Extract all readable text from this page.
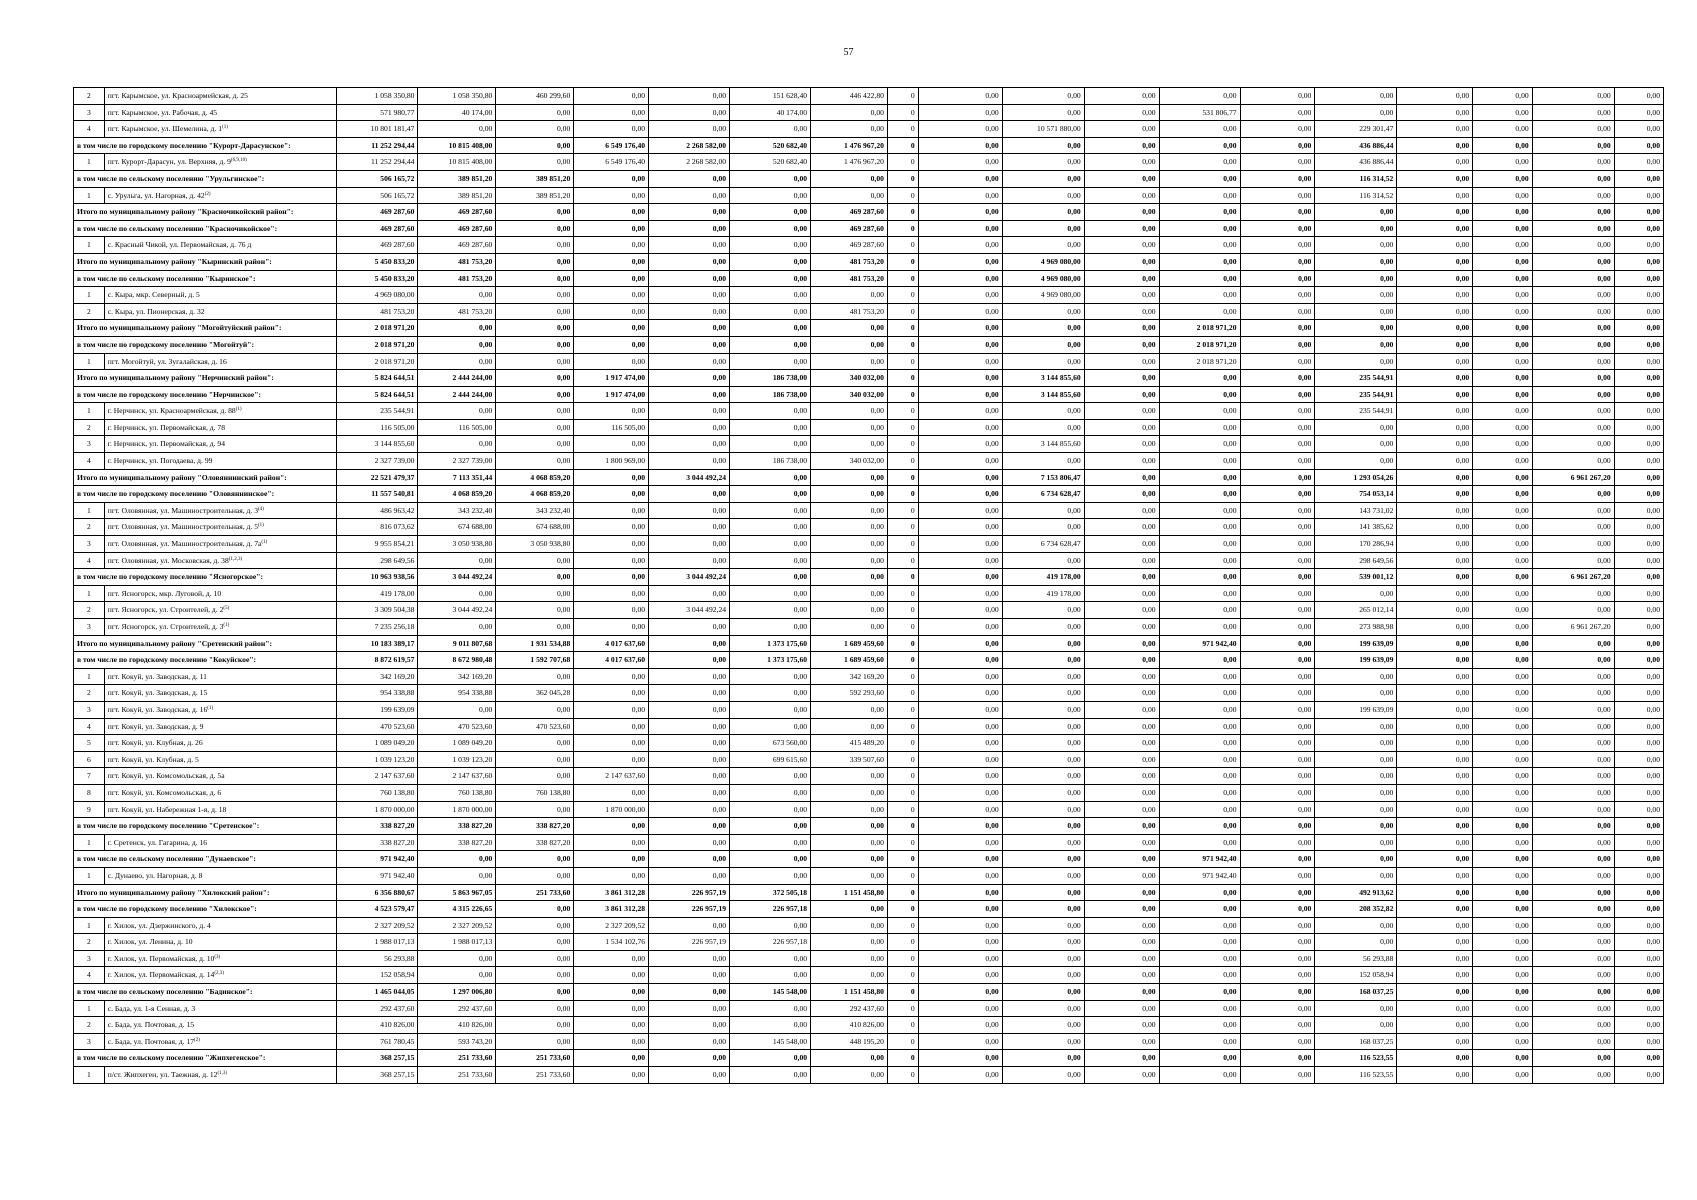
57
2	пгт. Карымское, ул. Красноармейская, д. 25	1 058 350,80	1 058 350,80	460 299,60	0,00	0,00	151 628,40	446 422,80	0	0,00	0,00	0,00	0,00	0,00	0,00	0,00	0,00	0,00	0,00
3	пгт. Карымское, ул. Рабочая, д. 45	571 980,77	40 174,00	0,00	0,00	0,00	40 174,00	0,00	0	0,00	0,00	0,00	531 806,77	0,00	0,00	0,00	0,00	0,00	0,00
4	пгт. Карымское, ул. Шемелина, д. 1$^{(1)}$	10 801 181,47	0,00	0,00	0,00	0,00	0,00	0,00	0	0,00	10 571 880,00	0,00	0,00	0,00	229 301,47	0,00	0,00	0,00	0,00
в том числе по городскому поселению "Курорт-Дарасунское":		11 252 294,44	10 815 408,00	0,00	6 549 176,40	2 268 582,00	520 682,40	1 476 967,20	0	0,00	0,00	0,00	0,00	0,00	436 886,44	0,00	0,00	0,00	0,00
1	пгт. Курорт-Дарасун, ул. Верхняя, д. 9$^{(6,9,10)}$	11 252 294,44	10 815 408,00	0,00	6 549 176,40	2 268 582,00	520 682,40	1 476 967,20	0	0,00	0,00	0,00	0,00	0,00	436 886,44	0,00	0,00	0,00	0,00
в том числе по сельскому поселению "Урульгинское":		506 165,72	389 851,20	389 851,20	0,00	0,00	0,00	0,00	0	0,00	0,00	0,00	0,00	0,00	116 314,52	0,00	0,00	0,00	0,00
1	с. Урульга, ул. Нагорная, д. 42$^{(2)}$	506 165,72	389 851,20	389 851,20	0,00	0,00	0,00	0,00	0	0,00	0,00	0,00	0,00	0,00	116 314,52	0,00	0,00	0,00	0,00
Итого по муниципальному району "Красночикойский район":		469 287,60	469 287,60	0,00	0,00	0,00	0,00	469 287,60	0	0,00	0,00	0,00	0,00	0,00	0,00	0,00	0,00	0,00	0,00
в том числе по сельскому поселению "Красночикойское":		469 287,60	469 287,60	0,00	0,00	0,00	0,00	469 287,60	0	0,00	0,00	0,00	0,00	0,00	0,00	0,00	0,00	0,00	0,00
1	с. Красный Чикой, ул. Первомайская, д. 76 д	469 287,60	469 287,60	0,00	0,00	0,00	0,00	469 287,60	0	0,00	0,00	0,00	0,00	0,00	0,00	0,00	0,00	0,00	0,00
Итого по муниципальному району "Кыринский район":		5 450 833,20	481 753,20	0,00	0,00	0,00	0,00	481 753,20	0	0,00	4 969 080,00	0,00	0,00	0,00	0,00	0,00	0,00	0,00	0,00
в том числе по сельскому поселению "Кыринское":		5 450 833,20	481 753,20	0,00	0,00	0,00	0,00	481 753,20	0	0,00	4 969 080,00	0,00	0,00	0,00	0,00	0,00	0,00	0,00	0,00
1	с. Кыра, мкр. Северный, д. 5	4 969 080,00	0,00	0,00	0,00	0,00	0,00	0,00	0	0,00	4 969 080,00	0,00	0,00	0,00	0,00	0,00	0,00	0,00	0,00
2	с. Кыра, ул. Пионерская, д. 32	481 753,20	481 753,20	0,00	0,00	0,00	0,00	481 753,20	0	0,00	0,00	0,00	0,00	0,00	0,00	0,00	0,00	0,00	0,00
Итого по муниципальному району "Могойтуйский район":		2 018 971,20	0,00	0,00	0,00	0,00	0,00	0,00	0	0,00	0,00	0,00	2 018 971,20	0,00	0,00	0,00	0,00	0,00	0,00
в том числе по городскому поселению "Могойтуй":		2 018 971,20	0,00	0,00	0,00	0,00	0,00	0,00	0	0,00	0,00	0,00	2 018 971,20	0,00	0,00	0,00	0,00	0,00	0,00
1	пгт. Могойтуй, ул. Зугалайская, д. 16	2 018 971,20	0,00	0,00	0,00	0,00	0,00	0,00	0	0,00	0,00	0,00	2 018 971,20	0,00	0,00	0,00	0,00	0,00	0,00
Итого по муниципальному району "Нерчинский район":		5 824 644,51	2 444 244,00	0,00	1 917 474,00	0,00	186 738,00	340 032,00	0	0,00	3 144 855,60	0,00	0,00	0,00	235 544,91	0,00	0,00	0,00	0,00
в том числе по городскому поселению "Нерчинское":		5 824 644,51	2 444 244,00	0,00	1 917 474,00	0,00	186 738,00	340 032,00	0	0,00	3 144 855,60	0,00	0,00	0,00	235 544,91	0,00	0,00	0,00	0,00
1	г. Нерчинск, ул. Красноармейская, д. 88$^{(1)}$	235 544,91	0,00	0,00	0,00	0,00	0,00	0,00	0	0,00	0,00	0,00	0,00	0,00	235 544,91	0,00	0,00	0,00	0,00
2	г. Нерчинск, ул. Первомайская, д. 78	116 505,00	116 505,00	0,00	116 505,00	0,00	0,00	0,00	0	0,00	0,00	0,00	0,00	0,00	0,00	0,00	0,00	0,00	0,00
3	г. Нерчинск, ул. Первомайская, д. 94	3 144 855,60	0,00	0,00	0,00	0,00	0,00	0,00	0	0,00	3 144 855,60	0,00	0,00	0,00	0,00	0,00	0,00	0,00	0,00
4	г. Нерчинск, ул. Погодаева, д. 99	2 327 739,00	2 327 739,00	0,00	1 800 969,00	0,00	186 738,00	340 032,00	0	0,00	0,00	0,00	0,00	0,00	0,00	0,00	0,00	0,00	0,00
Итого по муниципальному району "Оловяннинский район":		22 521 479,37	7 113 351,44	4 068 859,20	0,00	3 044 492,24	0,00	0,00	0	0,00	7 153 806,47	0,00	0,00	0,00	1 293 054,26	0,00	0,00	6 961 267,20	0,00
в том числе по городскому поселению "Оловяннинское":		11 557 540,81	4 068 859,20	4 068 859,20	0,00	0,00	0,00	0,00	0	0,00	6 734 628,47	0,00	0,00	0,00	754 053,14	0,00	0,00	0,00	0,00
1	пгт. Оловянная, ул. Машиностроительная, д. 3$^{(4)}$	486 963,42	343 232,40	343 232,40	0,00	0,00	0,00	0,00	0	0,00	0,00	0,00	0,00	0,00	143 731,02	0,00	0,00	0,00	0,00
2	пгт. Оловянная, ул. Машиностроительная, д. 5$^{(1)}$	816 073,62	674 688,00	674 688,00	0,00	0,00	0,00	0,00	0	0,00	0,00	0,00	0,00	0,00	141 385,62	0,00	0,00	0,00	0,00
3	пгт. Оловянная, ул. Машиностроительная, д. $7а^{(1)}$	9 955 854,21	3 050 938,80	3 050 938,80	0,00	0,00	0,00	0,00	0	0,00	6 734 628,47	0,00	0,00	0,00	170 286,94	0,00	0,00	0,00	0,00
4	пгт. Оловянная, ул. Московская, д. 38$^{(1,2,3)}$	298 649,56	0,00	0,00	0,00	0,00	0,00	0,00	0	0,00	0,00	0,00	0,00	0,00	298 649,56	0,00	0,00	0,00	0,00
в том числе по городскому поселению "Ясногорское":		10 963 938,56	3 044 492,24	0,00	0,00	3 044 492,24	0,00	0,00	0	0,00	419 178,00	0,00	0,00	0,00	539 001,12	0,00	0,00	6 961 267,20	0,00
1	пгт. Ясногорск, мкр. Луговой, д. 10	419 178,00	0,00	0,00	0,00	0,00	0,00	0,00	0	0,00	419 178,00	0,00	0,00	0,00	0,00	0,00	0,00	0,00	0,00
2	пгт. Ясногорск, ул. Строителей, д. 2$^{(5)}$	3 309 504,38	3 044 492,24	0,00	0,00	3 044 492,24	0,00	0,00	0	0,00	0,00	0,00	0,00	0,00	265 012,14	0,00	0,00	0,00	0,00
3	пгт. Ясногорск, ул. Строителей, д. 3$^{(1)}$	7 235 256,18	0,00	0,00	0,00	0,00	0,00	0,00	0	0,00	0,00	0,00	0,00	0,00	273 988,98	0,00	0,00	6 961 267,20	0,00
Итого по муниципальному району "Сретенский район":		10 183 389,17	9 011 807,68	1 931 534,88	4 017 637,60	0,00	1 373 175,60	1 689 459,60	0	0,00	0,00	0,00	971 942,40	0,00	199 639,09	0,00	0,00	0,00	0,00
в том числе по городскому поселению "Кокуйское":		8 872 619,57	8 672 980,48	1 592 707,68	4 017 637,60	0,00	1 373 175,60	1 689 459,60	0	0,00	0,00	0,00	0,00	0,00	199 639,09	0,00	0,00	0,00	0,00
1	пгт. Кокуй, ул. Заводская, д. 11	342 169,20	342 169,20	0,00	0,00	0,00	0,00	342 169,20	0	0,00	0,00	0,00	0,00	0,00	0,00	0,00	0,00	0,00	0,00
2	пгт. Кокуй, ул. Заводская, д. 15	954 338,88	954 338,88	362 045,28	0,00	0,00	0,00	592 293,60	0	0,00	0,00	0,00	0,00	0,00	0,00	0,00	0,00	0,00	0,00
3	пгт. Кокуй, ул. Заводская, д. 16$^{(1)}$	199 639,09	0,00	0,00	0,00	0,00	0,00	0,00	0	0,00	0,00	0,00	0,00	0,00	199 639,09	0,00	0,00	0,00	0,00
4	пгт. Кокуй, ул. Заводская, д. 9	470 523,60	470 523,60	470 523,60	0,00	0,00	0,00	0,00	0	0,00	0,00	0,00	0,00	0,00	0,00	0,00	0,00	0,00	0,00
5	пгт. Кокуй, ул. Клубная, д. 26	1 089 049,20	1 089 049,20	0,00	0,00	0,00	673 560,00	415 489,20	0	0,00	0,00	0,00	0,00	0,00	0,00	0,00	0,00	0,00	0,00
6	пгт. Кокуй, ул. Клубная, д. 5	1 039 123,20	1 039 123,20	0,00	0,00	0,00	699 615,60	339 507,60	0	0,00	0,00	0,00	0,00	0,00	0,00	0,00	0,00	0,00	0,00
7	пгт. Кокуй, ул. Комсомольская, д. 5а	2 147 637,60	2 147 637,60	0,00	2 147 637,60	0,00	0,00	0,00	0	0,00	0,00	0,00	0,00	0,00	0,00	0,00	0,00	0,00	0,00
8	пгт. Кокуй, ул. Комсомольская, д. 6	760 138,80	760 138,80	760 138,80	0,00	0,00	0,00	0,00	0	0,00	0,00	0,00	0,00	0,00	0,00	0,00	0,00	0,00	0,00
9	пгт. Кокуй, ул. Набережная 1-я, д. 18	1 870 000,00	1 870 000,00	0,00	1 870 000,00	0,00	0,00	0,00	0	0,00	0,00	0,00	0,00	0,00	0,00	0,00	0,00	0,00	0,00
в том числе по городскому поселению "Сретенское":		338 827,20	338 827,20	338 827,20	0,00	0,00	0,00	0,00	0	0,00	0,00	0,00	0,00	0,00	0,00	0,00	0,00	0,00	0,00
1	г. Сретенск, ул. Гагарина, д. 16	338 827,20	338 827,20	338 827,20	0,00	0,00	0,00	0,00	0	0,00	0,00	0,00	0,00	0,00	0,00	0,00	0,00	0,00	0,00
в том числе по сельскому поселению "Дунаевское":		971 942,40	0,00	0,00	0,00	0,00	0,00	0,00	0	0,00	0,00	0,00	971 942,40	0,00	0,00	0,00	0,00	0,00	0,00
1	с. Дунаево, ул. Нагорная, д. 8	971 942,40	0,00	0,00	0,00	0,00	0,00	0,00	0	0,00	0,00	0,00	971 942,40	0,00	0,00	0,00	0,00	0,00	0,00
Итого по муниципальному району "Хилокский район":		6 356 880,67	5 863 967,05	251 733,60	3 861 312,28	226 957,19	372 505,18	1 151 458,80	0	0,00	0,00	0,00	0,00	0,00	492 913,62	0,00	0,00	0,00	0,00
в том числе по городскому поселению "Хилокское":		4 523 579,47	4 315 226,65	0,00	3 861 312,28	226 957,19	226 957,18	0,00	0	0,00	0,00	0,00	0,00	0,00	208 352,82	0,00	0,00	0,00	0,00
1	г. Хилок, ул. Дзержинского, д. 4	2 327 209,52	2 327 209,52	0,00	2 327 209,52	0,00	0,00	0,00	0	0,00	0,00	0,00	0,00	0,00	0,00	0,00	0,00	0,00	0,00
2	г. Хилок, ул. Ленина, д. 10	1 988 017,13	1 988 017,13	0,00	1 534 102,76	226 957,19	226 957,18	0,00	0	0,00	0,00	0,00	0,00	0,00	0,00	0,00	0,00	0,00	0,00
3	г. Хилок, ул. Первомайская, д. 10$^{(3)}$	56 293,88	0,00	0,00	0,00	0,00	0,00	0,00	0	0,00	0,00	0,00	0,00	0,00	56 293,88	0,00	0,00	0,00	0,00
4	г. Хилок, ул. Первомайская, д. 14$^{(2,3)}$	152 058,94	0,00	0,00	0,00	0,00	0,00	0,00	0	0,00	0,00	0,00	0,00	0,00	152 058,94	0,00	0,00	0,00	0,00
в том числе по сельскому поселению "Бадинское":		1 465 044,05	1 297 006,80	0,00	0,00	0,00	145 548,00	1 151 458,80	0	0,00	0,00	0,00	0,00	0,00	168 037,25	0,00	0,00	0,00	0,00
1	с. Бада, ул. 1-я Сенная, д. 3	292 437,60	292 437,60	0,00	0,00	0,00	0,00	292 437,60	0	0,00	0,00	0,00	0,00	0,00	0,00	0,00	0,00	0,00	0,00
2	с. Бада, ул. Почтовая, д. 15	410 826,00	410 826,00	0,00	0,00	0,00	0,00	410 826,00	0	0,00	0,00	0,00	0,00	0,00	0,00	0,00	0,00	0,00	0,00
3	с. Бада, ул. Почтовая, д. 17$^{(2)}$	761 780,45	593 743,20	0,00	0,00	0,00	145 548,00	448 195,20	0	0,00	0,00	0,00	0,00	0,00	168 037,25	0,00	0,00	0,00	0,00
в том числе по сельскому поселению "Жипхегенское":		368 257,15	251 733,60	251 733,60	0,00	0,00	0,00	0,00	0	0,00	0,00	0,00	0,00	0,00	116 523,55	0,00	0,00	0,00	0,00
1	п/ст. Жипхеген, ул. Таежная, д. 12$^{(1,3)}$	368 257,15	251 733,60	251 733,60	0,00	0,00	0,00	0,00	0	0,00	0,00	0,00	0,00	0,00	116 523,55	0,00	0,00	0,00	0,00
